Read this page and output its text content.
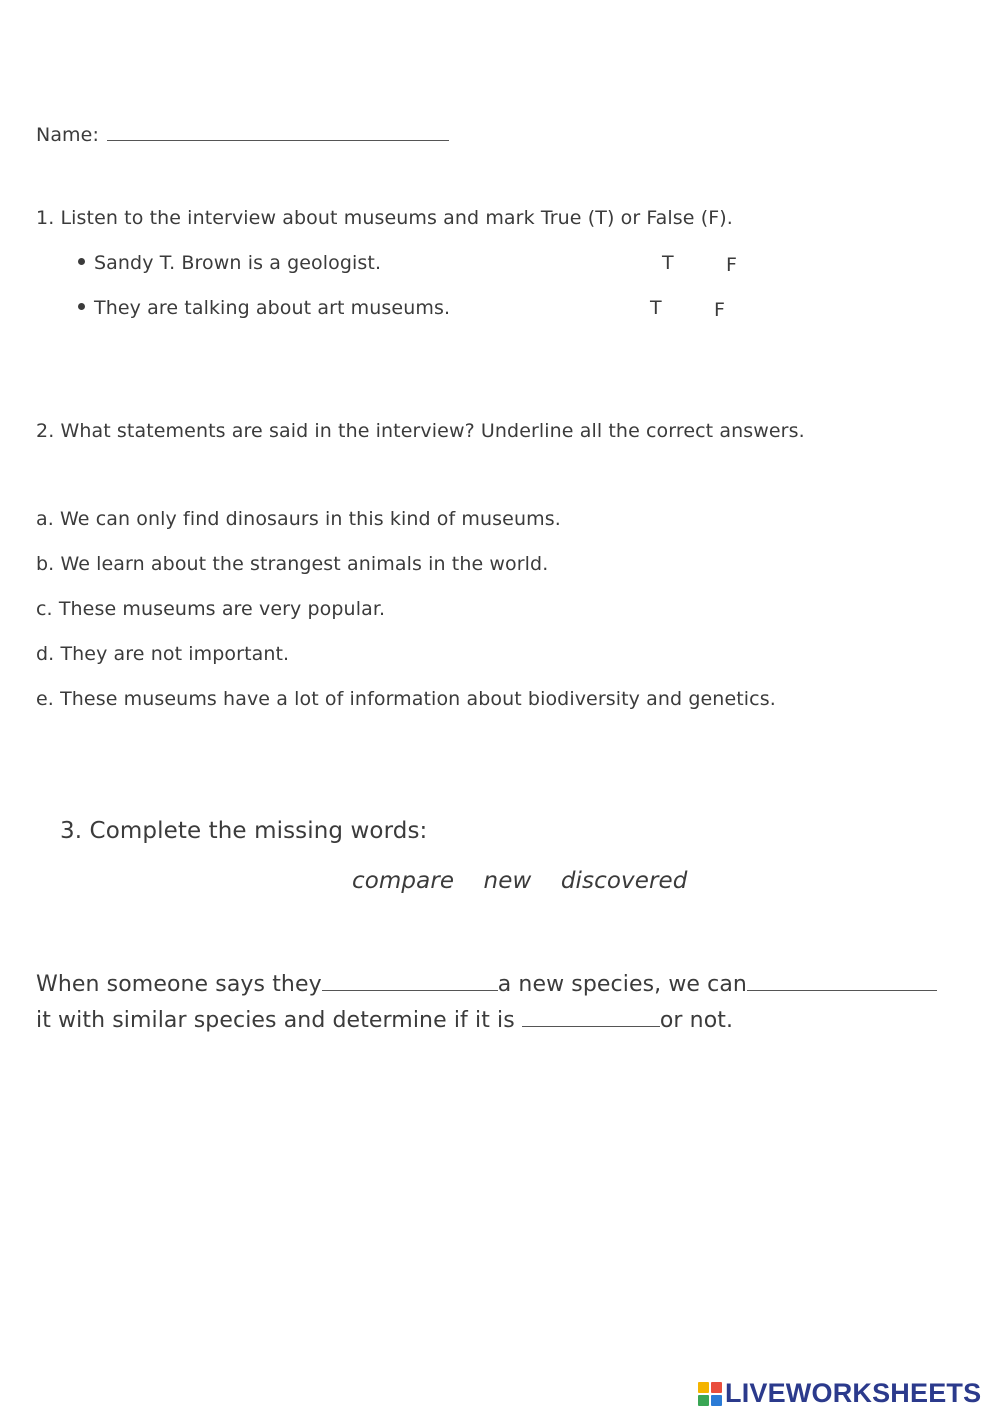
Name:
1. Listen to the interview about museums and mark True (T) or False (F).
Sandy T. Brown is a geologist.	T	F
They are talking about art museums.	T	F
2. What statements are said in the interview? Underline all the correct answers.
a. We can only find dinosaurs in this kind of museums.
b. We learn about the strangest animals in the world.
c. These museums are very popular.
d. They are not important.
e. These museums have a lot of information about biodiversity and genetics.
3. Complete the missing words:
compare new discovered
When someone says they	a new species, we can
it with similar species and determine if it is	or not.
LIVEWORKSHEETS
